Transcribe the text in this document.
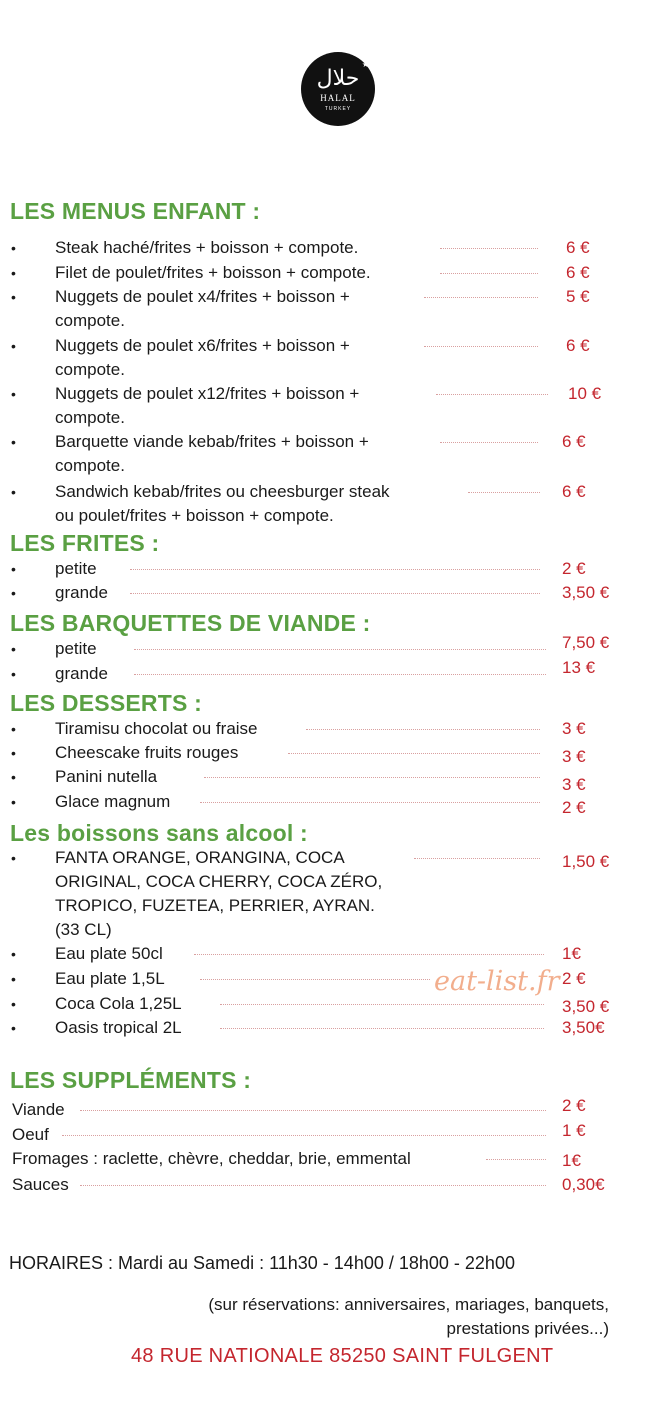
★
حلال
HALAL
TURKEY
LES MENUS ENFANT :
• Steak haché/frites + boisson + compote.	6 €
• Filet de poulet/frites + boisson + compote.	6 €
• Nuggets de poulet x4/frites + boisson +
compote.
5 €
• Nuggets de poulet x6/frites + boisson +
compote.
6 €
• Nuggets de poulet x12/frites + boisson +
compote.
10 €
• Barquette viande kebab/frites + boisson +
compote.
6 €
• Sandwich kebab/frites ou cheesburger steak
ou poulet/frites + boisson + compote.
6 €
LES FRITES :
• petite	2 €
• grande	3,50 €
LES BARQUETTES DE VIANDE :
• petite	7,50 €
• grande	13 €
LES DESSERTS :
• Tiramisu chocolat ou fraise	3 €
• Cheescake fruits rouges	3 €
• Panini nutella	3 €
• Glace magnum	2 €
Les boissons sans alcool :
• FANTA ORANGE, ORANGINA, COCA
ORIGINAL, COCA CHERRY, COCA ZÉRO,
TROPICO, FUZETEA, PERRIER, AYRAN.
(33 CL)
1,50 €
• Eau plate 50cl	1€
• Eau plate 1,5L	2 €
• Coca Cola 1,25L	3,50 €
• Oasis tropical 2L	3,50€
eat-list.fr
LES SUPPLÉMENTS :
Viande	2 €
Oeuf	1 €
Fromages : raclette, chèvre, cheddar, brie, emmental	1€
Sauces	0,30€
HORAIRES : Mardi au Samedi : 11h30 - 14h00 / 18h00 - 22h00
(sur réservations: anniversaires, mariages, banquets,
prestations privées...)
48 RUE NATIONALE 85250 SAINT FULGENT
